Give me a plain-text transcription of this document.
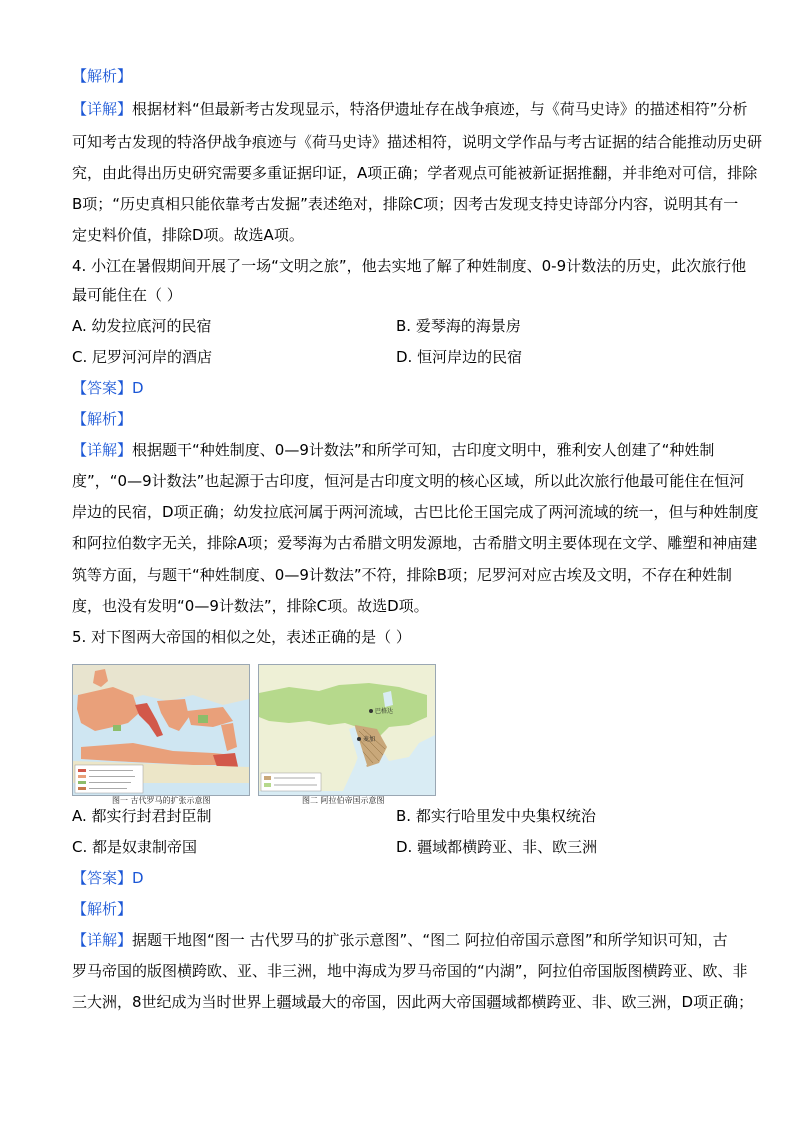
【解析】
【详解】根据材料“但最新考古发现显示，特洛伊遗址存在战争痕迹，与《荷马史诗》的描述相符”分析
可知考古发现的特洛伊战争痕迹与《荷马史诗》描述相符，说明文学作品与考古证据的结合能推动历史研
究，由此得出历史研究需要多重证据印证，A项正确；学者观点可能被新证据推翻，并非绝对可信，排除
B项；“历史真相只能依靠考古发掘”表述绝对，排除C项；因考古发现支持史诗部分内容，说明其有一
定史料价值，排除D项。故选A项。
4. 小江在暑假期间开展了一场“文明之旅”，他去实地了解了种姓制度、0-9计数法的历史，此次旅行他
最可能住在（ ）
A. 幼发拉底河的民宿	B. 爱琴海的海景房
C. 尼罗河河岸的酒店	D. 恒河岸边的民宿
【答案】D
【解析】
【详解】根据题干“种姓制度、0—9计数法”和所学可知，古印度文明中，雅利安人创建了“种姓制
度”，“0—9计数法”也起源于古印度，恒河是古印度文明的核心区域，所以此次旅行他最可能住在恒河
岸边的民宿，D项正确；幼发拉底河属于两河流域，古巴比伦王国完成了两河流域的统一，但与种姓制度
和阿拉伯数字无关，排除A项；爱琴海为古希腊文明发源地，古希腊文明主要体现在文学、雕塑和神庙建
筑等方面，与题干“种姓制度、0—9计数法”不符，排除B项；尼罗河对应古埃及文明，不存在种姓制
度，也没有发明“0—9计数法”，排除C项。故选D项。
5. 对下图两大帝国的相似之处，表述正确的是（ ）
图一 古代罗马的扩张示意图
巴格达
麦加
图二 阿拉伯帝国示意图
A. 都实行封君封臣制	B. 都实行哈里发中央集权统治
C. 都是奴隶制帝国	D. 疆域都横跨亚、非、欧三洲
【答案】D
【解析】
【详解】据题干地图“图一 古代罗马的扩张示意图”、“图二 阿拉伯帝国示意图”和所学知识可知，古
罗马帝国的版图横跨欧、亚、非三洲，地中海成为罗马帝国的“内湖”，阿拉伯帝国版图横跨亚、欧、非
三大洲，8世纪成为当时世界上疆域最大的帝国，因此两大帝国疆域都横跨亚、非、欧三洲，D项正确；
